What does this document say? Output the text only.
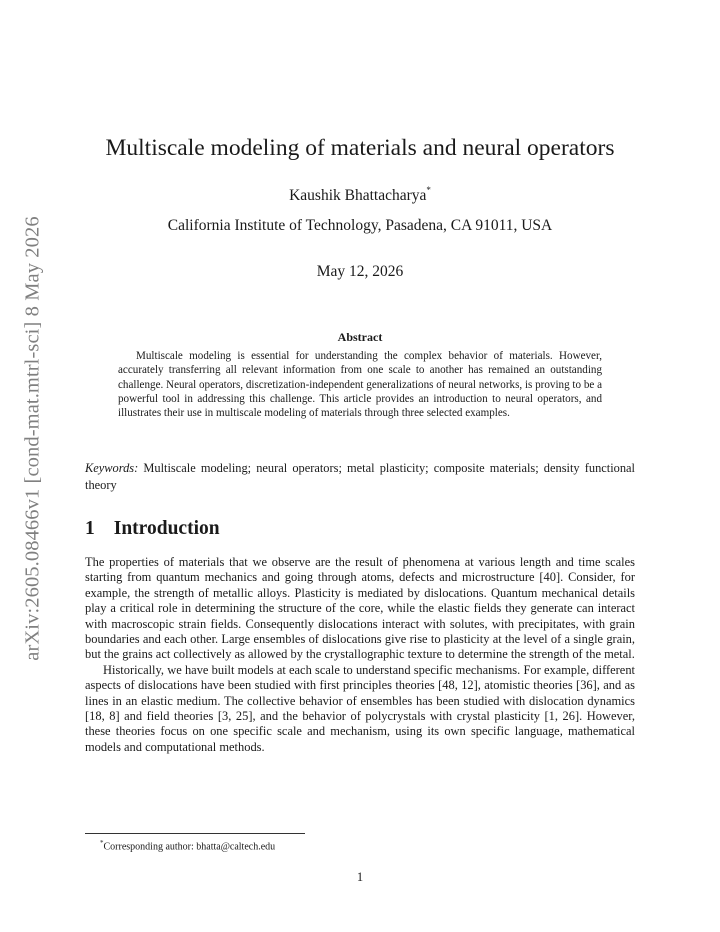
arXiv:2605.08466v1 [cond-mat.mtrl-sci] 8 May 2026
Multiscale modeling of materials and neural operators
Kaushik Bhattacharya*
California Institute of Technology, Pasadena, CA 91011, USA
May 12, 2026
Abstract

Multiscale modeling is essential for understanding the complex behavior of materials. However, accurately transferring all relevant information from one scale to another has remained an outstanding challenge. Neural operators, discretization-independent generalizations of neural networks, is proving to be a powerful tool in addressing this challenge. This article provides an introduction to neural operators, and illustrates their use in multiscale modeling of materials through three selected examples.

Keywords: Multiscale modeling; neural operators; metal plasticity; composite materials; density functional theory

1 Introduction

The properties of materials that we observe are the result of phenomena at various length and time scales starting from quantum mechanics and going through atoms, defects and microstructure [40]. Consider, for example, the strength of metallic alloys. Plasticity is mediated by dislocations. Quantum mechanical details play a critical role in determining the structure of the core, while the elastic fields they generate can interact with macroscopic strain fields. Consequently dislocations interact with solutes, with precipitates, with grain boundaries and each other. Large ensembles of dislocations give rise to plasticity at the level of a single grain, but the grains act collectively as allowed by the crystallographic texture to determine the strength of the metal.

Historically, we have built models at each scale to understand specific mechanisms. For example, different aspects of dislocations have been studied with first principles theories [48, 12], atomistic theories [36], and as lines in an elastic medium. The collective behavior of ensembles has been studied with dislocation dynamics [18, 8] and field theories [3, 25], and the behavior of polycrystals with crystal plasticity [1, 26]. However, these theories focus on one specific scale and mechanism, using its own specific language, mathematical models and computational methods.

*Corresponding author: bhatta@caltech.edu
1
